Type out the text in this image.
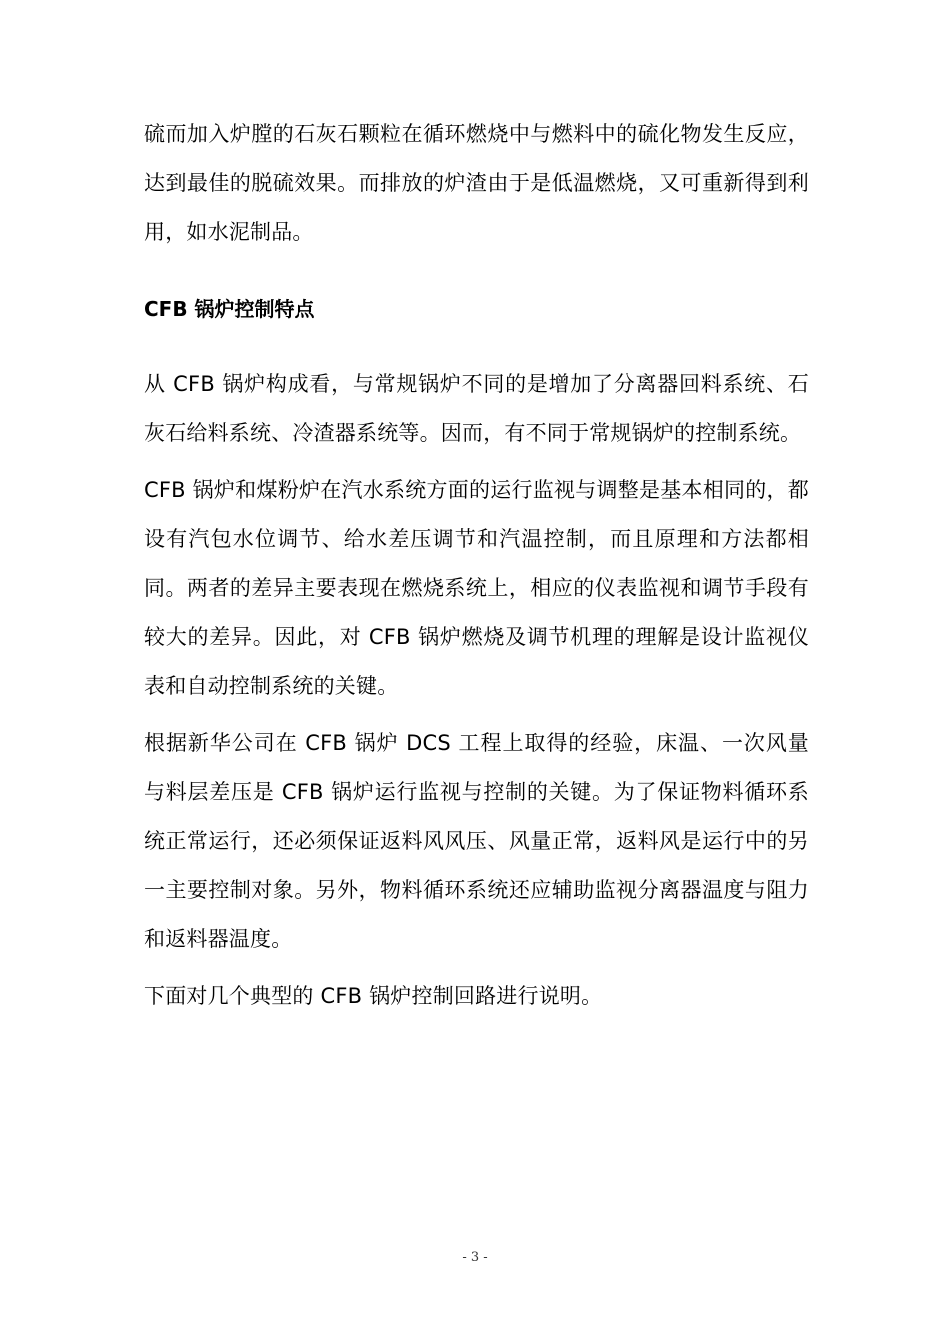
硫而加入炉膛的石灰石颗粒在循环燃烧中与燃料中的硫化物发生反应，达到最佳的脱硫效果。而排放的炉渣由于是低温燃烧，又可重新得到利用，如水泥制品。

CFB 锅炉控制特点

从 CFB 锅炉构成看，与常规锅炉不同的是增加了分离器回料系统、石灰石给料系统、冷渣器系统等。因而，有不同于常规锅炉的控制系统。

CFB 锅炉和煤粉炉在汽水系统方面的运行监视与调整是基本相同的，都设有汽包水位调节、给水差压调节和汽温控制，而且原理和方法都相同。两者的差异主要表现在燃烧系统上，相应的仪表监视和调节手段有较大的差异。因此，对 CFB 锅炉燃烧及调节机理的理解是设计监视仪表和自动控制系统的关键。

根据新华公司在 CFB 锅炉 DCS 工程上取得的经验，床温、一次风量与料层差压是 CFB 锅炉运行监视与控制的关键。为了保证物料循环系统正常运行，还必须保证返料风风压、风量正常，返料风是运行中的另一主要控制对象。另外，物料循环系统还应辅助监视分离器温度与阻力和返料器温度。

下面对几个典型的 CFB 锅炉控制回路进行说明。

- 3 -
